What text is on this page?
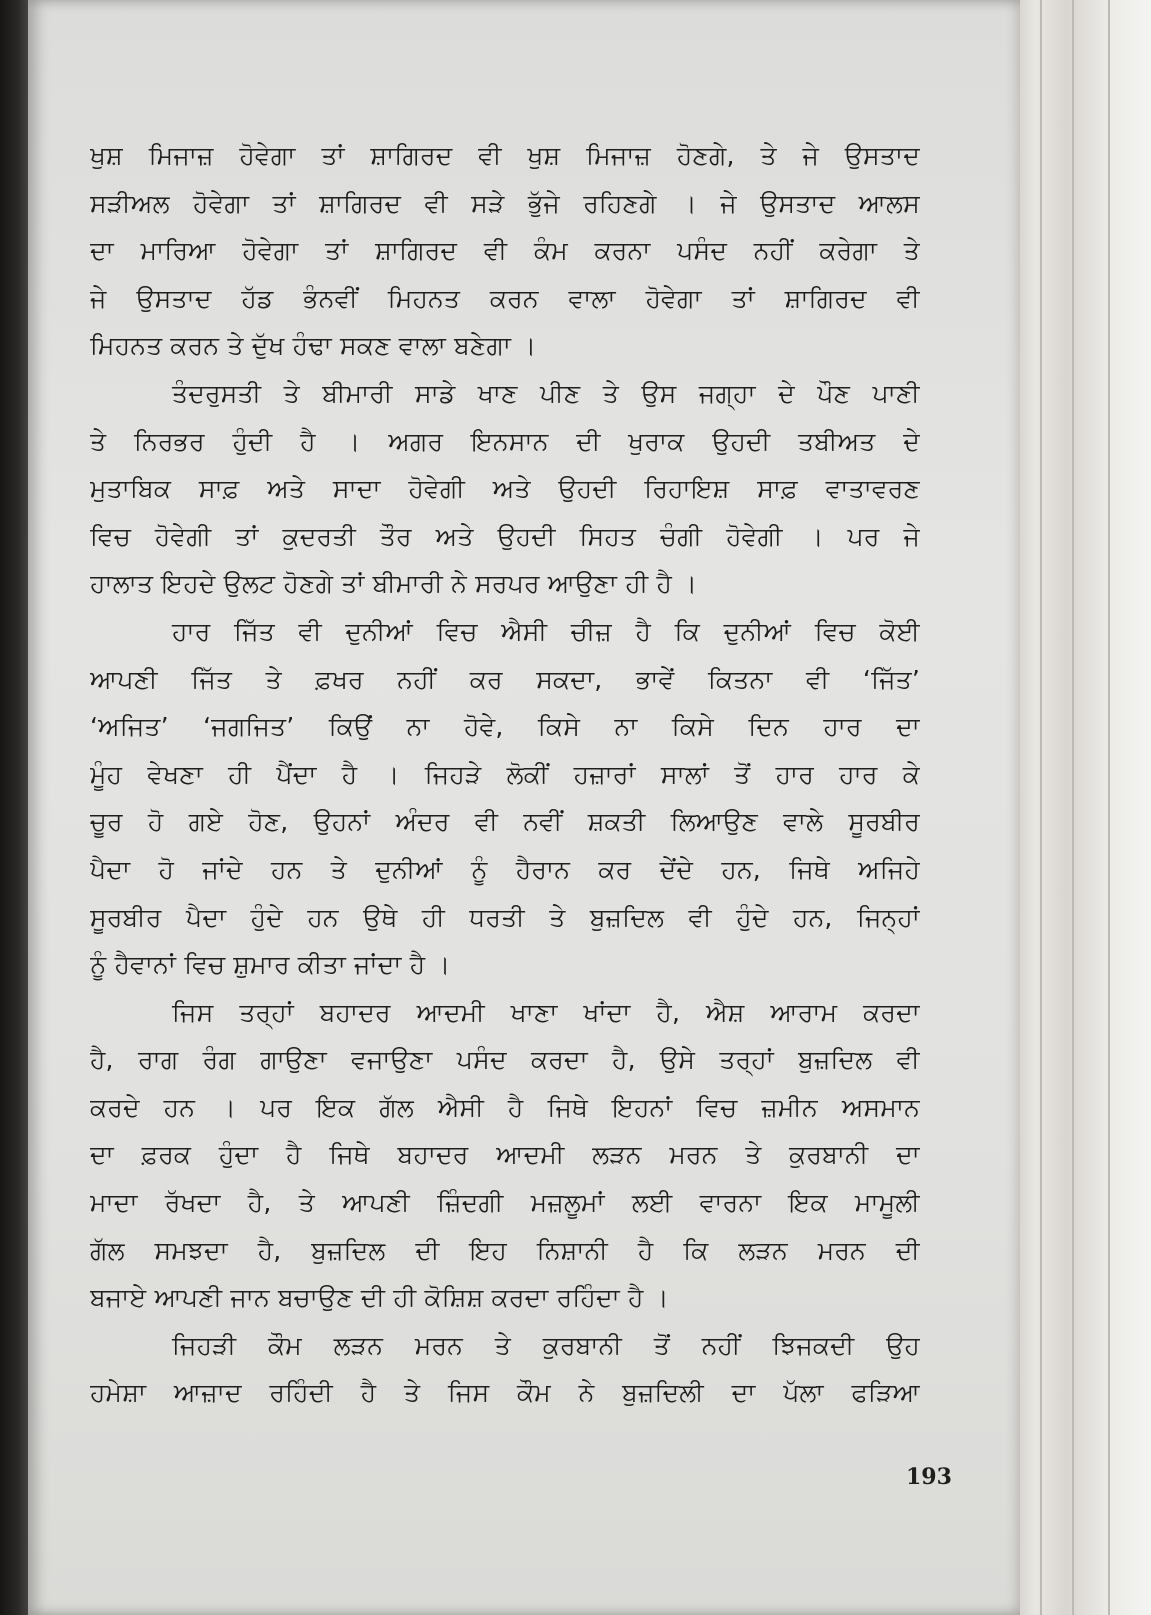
ਖੁਸ਼ ਮਿਜਾਜ਼ ਹੋਵੇਗਾ ਤਾਂ ਸ਼ਾਗਿਰਦ ਵੀ ਖੁਸ਼ ਮਿਜਾਜ਼ ਹੋਣਗੇ, ਤੇ ਜੇ ਉਸਤਾਦ
ਸੜੀਅਲ ਹੋਵੇਗਾ ਤਾਂ ਸ਼ਾਗਿਰਦ ਵੀ ਸੜੇ ਭੁੱਜੇ ਰਹਿਣਗੇ । ਜੇ ਉਸਤਾਦ ਆਲਸ
ਦਾ ਮਾਰਿਆ ਹੋਵੇਗਾ ਤਾਂ ਸ਼ਾਗਿਰਦ ਵੀ ਕੰਮ ਕਰਨਾ ਪਸੰਦ ਨਹੀਂ ਕਰੇਗਾ ਤੇ
ਜੇ ਉਸਤਾਦ ਹੱਡ ਭੰਨਵੀਂ ਮਿਹਨਤ ਕਰਨ ਵਾਲਾ ਹੋਵੇਗਾ ਤਾਂ ਸ਼ਾਗਿਰਦ ਵੀ
ਮਿਹਨਤ ਕਰਨ ਤੇ ਦੁੱਖ ਹੰਢਾ ਸਕਣ ਵਾਲਾ ਬਣੇਗਾ ।
ਤੰਦਰੁਸਤੀ ਤੇ ਬੀਮਾਰੀ ਸਾਡੇ ਖਾਣ ਪੀਣ ਤੇ ਉਸ ਜਗ੍ਹਾ ਦੇ ਪੌਣ ਪਾਣੀ
ਤੇ ਨਿਰਭਰ ਹੁੰਦੀ ਹੈ । ਅਗਰ ਇਨਸਾਨ ਦੀ ਖੁਰਾਕ ਉਹਦੀ ਤਬੀਅਤ ਦੇ
ਮੁਤਾਬਿਕ ਸਾਫ਼ ਅਤੇ ਸਾਦਾ ਹੋਵੇਗੀ ਅਤੇ ਉਹਦੀ ਰਿਹਾਇਸ਼ ਸਾਫ਼ ਵਾਤਾਵਰਣ
ਵਿਚ ਹੋਵੇਗੀ ਤਾਂ ਕੁਦਰਤੀ ਤੌਰ ਅਤੇ ਉਹਦੀ ਸਿਹਤ ਚੰਗੀ ਹੋਵੇਗੀ । ਪਰ ਜੇ
ਹਾਲਾਤ ਇਹਦੇ ਉਲਟ ਹੋਣਗੇ ਤਾਂ ਬੀਮਾਰੀ ਨੇ ਸਰਪਰ ਆਉਣਾ ਹੀ ਹੈ ।
ਹਾਰ ਜਿੱਤ ਵੀ ਦੁਨੀਆਂ ਵਿਚ ਐਸੀ ਚੀਜ਼ ਹੈ ਕਿ ਦੁਨੀਆਂ ਵਿਚ ਕੋਈ
ਆਪਣੀ ਜਿੱਤ ਤੇ ਫ਼ਖਰ ਨਹੀਂ ਕਰ ਸਕਦਾ, ਭਾਵੇਂ ਕਿਤਨਾ ਵੀ ‘ਜਿੱਤ’
‘ਅਜਿਤ’ ‘ਜਗਜਿਤ’ ਕਿਉਂ ਨਾ ਹੋਵੇ, ਕਿਸੇ ਨਾ ਕਿਸੇ ਦਿਨ ਹਾਰ ਦਾ
ਮੂੰਹ ਵੇਖਣਾ ਹੀ ਪੈਂਦਾ ਹੈ । ਜਿਹੜੇ ਲੋਕੀਂ ਹਜ਼ਾਰਾਂ ਸਾਲਾਂ ਤੋਂ ਹਾਰ ਹਾਰ ਕੇ
ਚੂਰ ਹੋ ਗਏ ਹੋਣ, ਉਹਨਾਂ ਅੰਦਰ ਵੀ ਨਵੀਂ ਸ਼ਕਤੀ ਲਿਆਉਣ ਵਾਲੇ ਸੂਰਬੀਰ
ਪੈਦਾ ਹੋ ਜਾਂਦੇ ਹਨ ਤੇ ਦੁਨੀਆਂ ਨੂੰ ਹੈਰਾਨ ਕਰ ਦੇਂਦੇ ਹਨ, ਜਿਥੇ ਅਜਿਹੇ
ਸੂਰਬੀਰ ਪੈਦਾ ਹੁੰਦੇ ਹਨ ਉਥੇ ਹੀ ਧਰਤੀ ਤੇ ਬੁਜ਼ਦਿਲ ਵੀ ਹੁੰਦੇ ਹਨ, ਜਿਨ੍ਹਾਂ
ਨੂੰ ਹੈਵਾਨਾਂ ਵਿਚ ਸ਼ੁਮਾਰ ਕੀਤਾ ਜਾਂਦਾ ਹੈ ।
ਜਿਸ ਤਰ੍ਹਾਂ ਬਹਾਦਰ ਆਦਮੀ ਖਾਣਾ ਖਾਂਦਾ ਹੈ, ਐਸ਼ ਆਰਾਮ ਕਰਦਾ
ਹੈ, ਰਾਗ ਰੰਗ ਗਾਉਣਾ ਵਜਾਉਣਾ ਪਸੰਦ ਕਰਦਾ ਹੈ, ਉਸੇ ਤਰ੍ਹਾਂ ਬੁਜ਼ਦਿਲ ਵੀ
ਕਰਦੇ ਹਨ । ਪਰ ਇਕ ਗੱਲ ਐਸੀ ਹੈ ਜਿਥੇ ਇਹਨਾਂ ਵਿਚ ਜ਼ਮੀਨ ਅਸਮਾਨ
ਦਾ ਫ਼ਰਕ ਹੁੰਦਾ ਹੈ ਜਿਥੇ ਬਹਾਦਰ ਆਦਮੀ ਲੜਨ ਮਰਨ ਤੇ ਕੁਰਬਾਨੀ ਦਾ
ਮਾਦਾ ਰੱਖਦਾ ਹੈ, ਤੇ ਆਪਣੀ ਜ਼ਿੰਦਗੀ ਮਜ਼ਲੂਮਾਂ ਲਈ ਵਾਰਨਾ ਇਕ ਮਾਮੂਲੀ
ਗੱਲ ਸਮਝਦਾ ਹੈ, ਬੁਜ਼ਦਿਲ ਦੀ ਇਹ ਨਿਸ਼ਾਨੀ ਹੈ ਕਿ ਲੜਨ ਮਰਨ ਦੀ
ਬਜਾਏ ਆਪਣੀ ਜਾਨ ਬਚਾਉਣ ਦੀ ਹੀ ਕੋਸ਼ਿਸ਼ ਕਰਦਾ ਰਹਿੰਦਾ ਹੈ ।
ਜਿਹੜੀ ਕੌਮ ਲੜਨ ਮਰਨ ਤੇ ਕੁਰਬਾਨੀ ਤੋਂ ਨਹੀਂ ਝਿਜਕਦੀ ਉਹ
ਹਮੇਸ਼ਾ ਆਜ਼ਾਦ ਰਹਿੰਦੀ ਹੈ ਤੇ ਜਿਸ ਕੌਮ ਨੇ ਬੁਜ਼ਦਿਲੀ ਦਾ ਪੱਲਾ ਫੜਿਆ
193
